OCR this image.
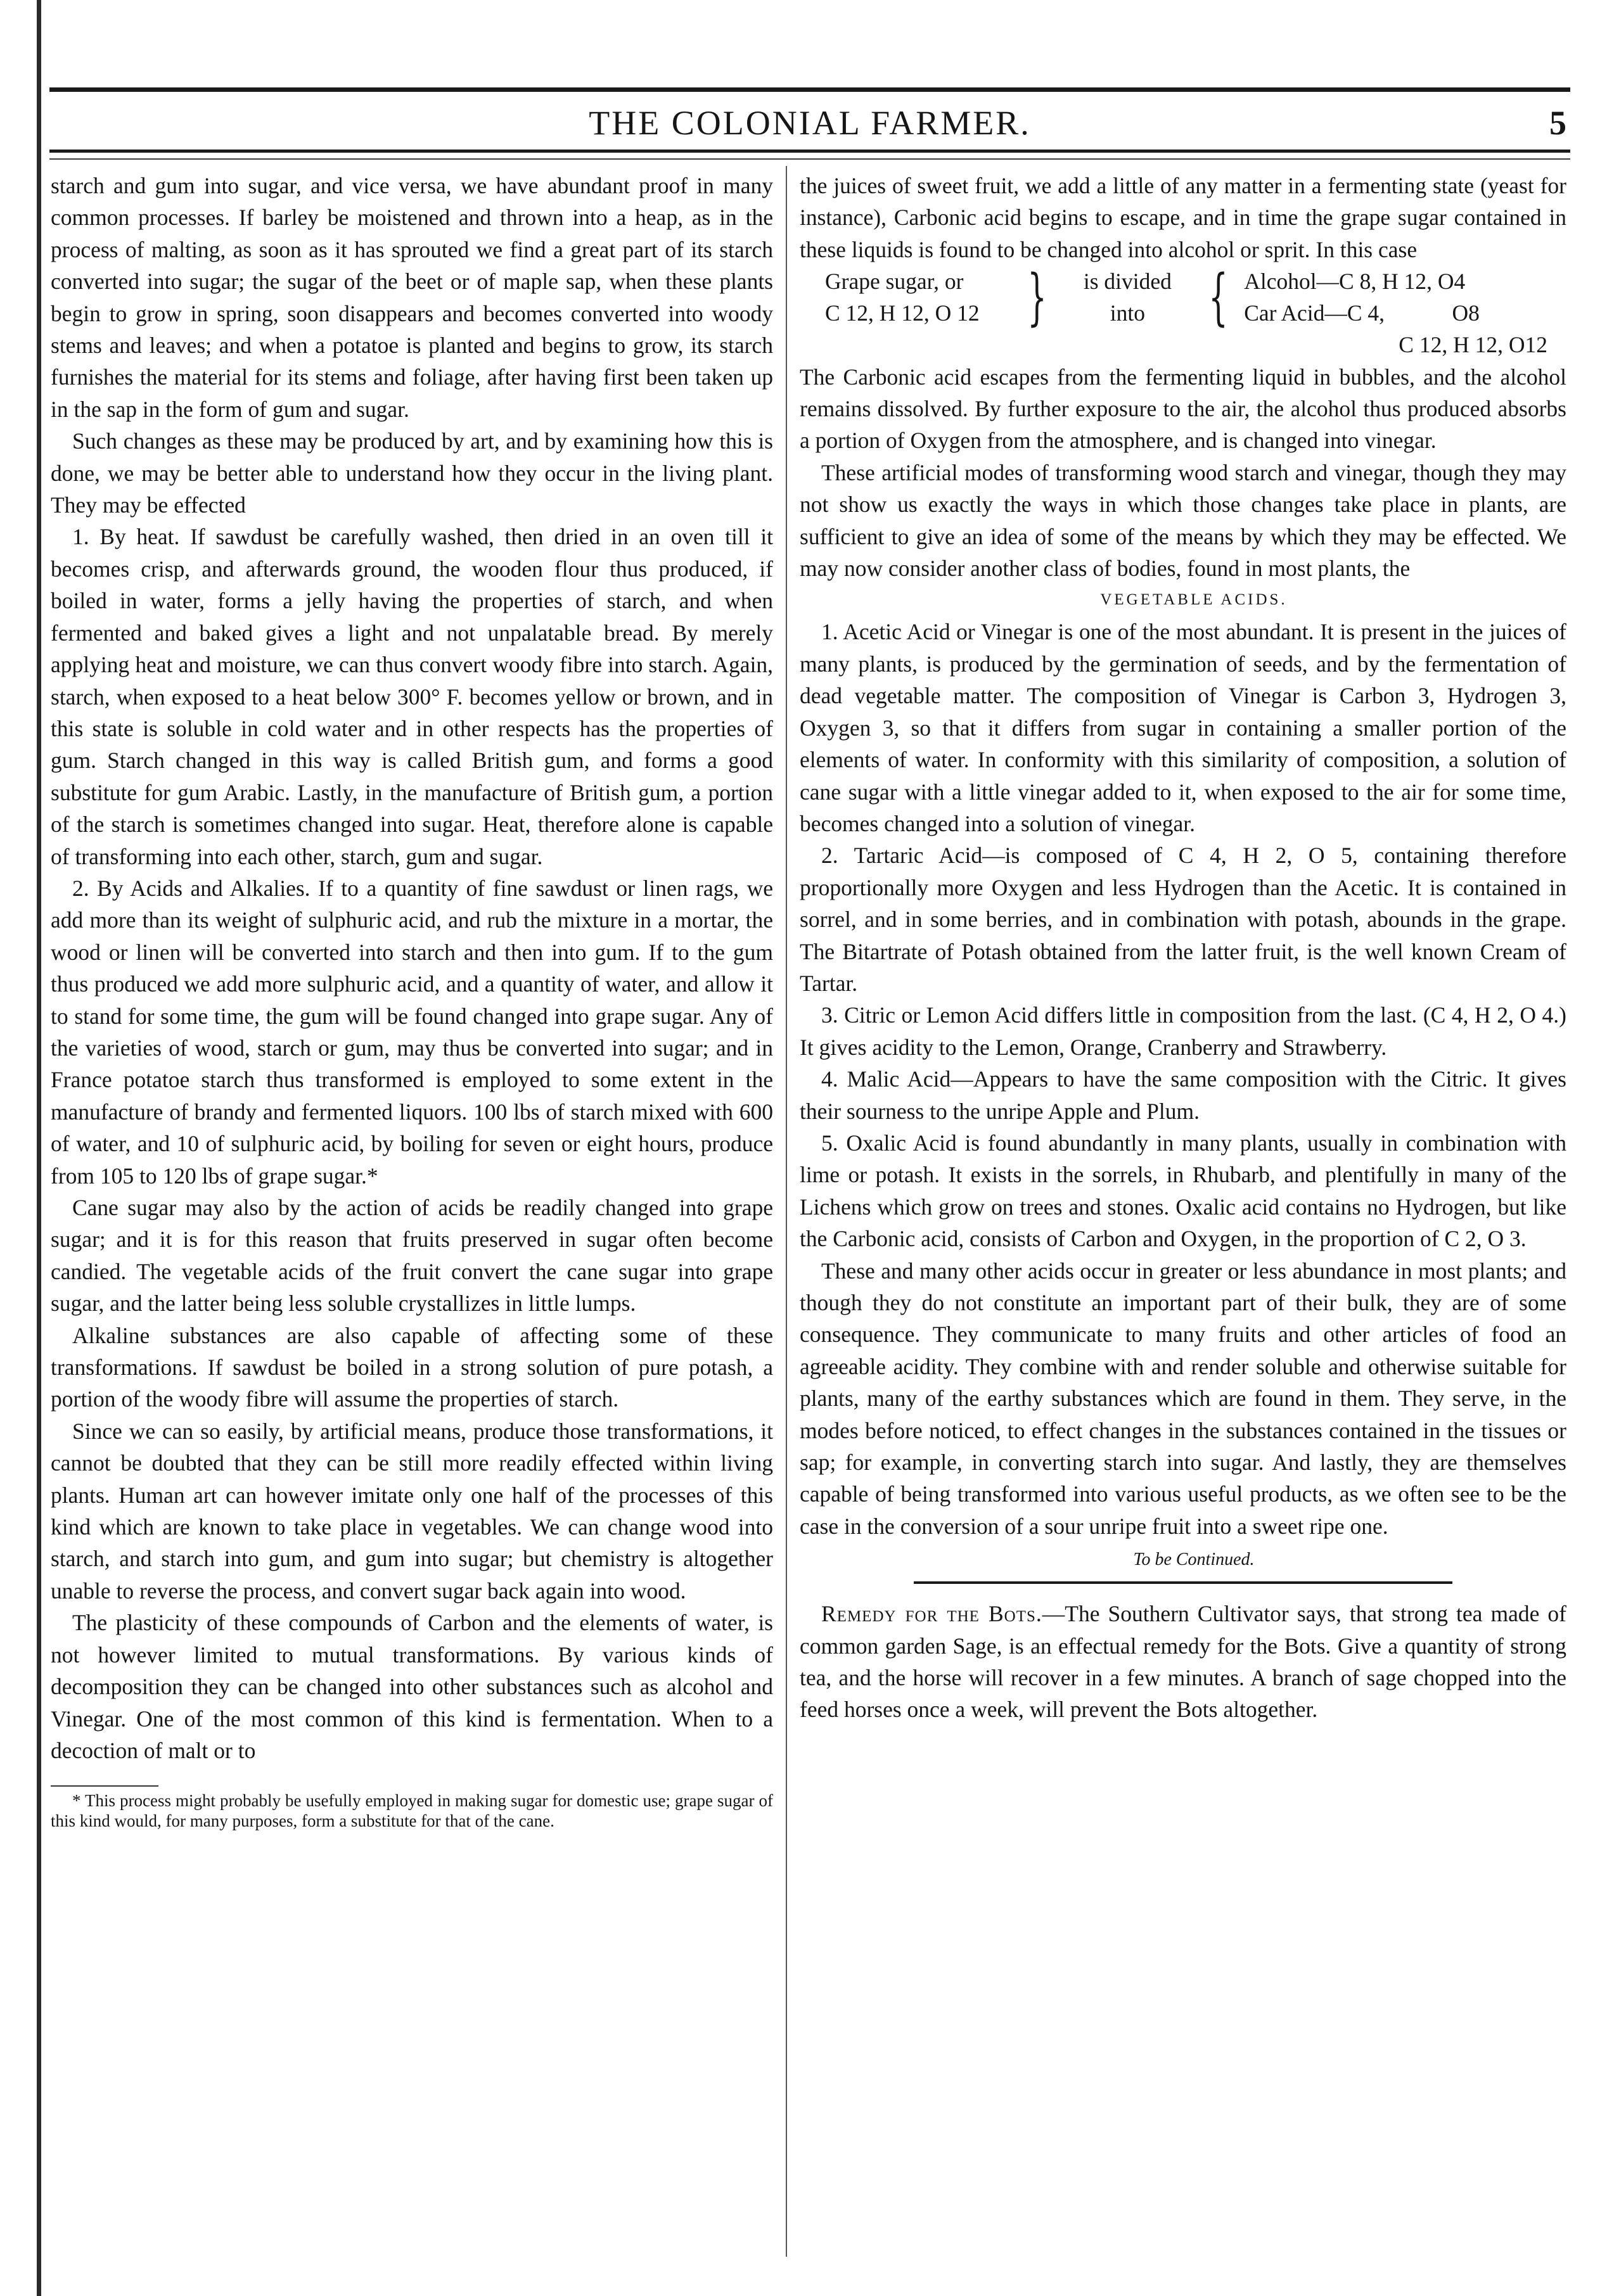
THE COLONIAL FARMER.	5

starch and gum into sugar, and vice versa, we have abundant proof in many common processes. If barley be moistened and thrown into a heap, as in the process of malting, as soon as it has sprouted we find a great part of its starch converted into sugar; the sugar of the beet or of maple sap, when these plants begin to grow in spring, soon disappears and becomes converted into woody stems and leaves; and when a potatoe is planted and begins to grow, its starch furnishes the material for its stems and foliage, after having first been taken up in the sap in the form of gum and sugar.

Such changes as these may be produced by art, and by examining how this is done, we may be better able to understand how they occur in the living plant. They may be effected

1. By heat. If sawdust be carefully washed, then dried in an oven till it becomes crisp, and afterwards ground, the wooden flour thus produced, if boiled in water, forms a jelly having the properties of starch, and when fermented and baked gives a light and not unpalatable bread. By merely applying heat and moisture, we can thus convert woody fibre into starch. Again, starch, when exposed to a heat below 300° F. becomes yellow or brown, and in this state is soluble in cold water and in other respects has the properties of gum. Starch changed in this way is called British gum, and forms a good substitute for gum Arabic. Lastly, in the manufacture of British gum, a portion of the starch is sometimes changed into sugar. Heat, therefore alone is capable of transforming into each other, starch, gum and sugar.

2. By Acids and Alkalies. If to a quantity of fine sawdust or linen rags, we add more than its weight of sulphuric acid, and rub the mixture in a mortar, the wood or linen will be converted into starch and then into gum. If to the gum thus produced we add more sulphuric acid, and a quantity of water, and allow it to stand for some time, the gum will be found changed into grape sugar. Any of the varieties of wood, starch or gum, may thus be converted into sugar; and in France potatoe starch thus transformed is employed to some extent in the manufacture of brandy and fermented liquors. 100 lbs of starch mixed with 600 of water, and 10 of sulphuric acid, by boiling for seven or eight hours, produce from 105 to 120 lbs of grape sugar.*

Cane sugar may also by the action of acids be readily changed into grape sugar; and it is for this reason that fruits preserved in sugar often become candied. The vegetable acids of the fruit convert the cane sugar into grape sugar, and the latter being less soluble crystallizes in little lumps.

Alkaline substances are also capable of affecting some of these transformations. If sawdust be boiled in a strong solution of pure potash, a portion of the woody fibre will assume the properties of starch.

Since we can so easily, by artificial means, produce those transformations, it cannot be doubted that they can be still more readily effected within living plants. Human art can however imitate only one half of the processes of this kind which are known to take place in vegetables. We can change wood into starch, and starch into gum, and gum into sugar; but chemistry is altogether unable to reverse the process, and convert sugar back again into wood.

The plasticity of these compounds of Carbon and the elements of water, is not however limited to mutual transformations. By various kinds of decomposition they can be changed into other substances such as alcohol and Vinegar. One of the most common of this kind is fermentation. When to a decoction of malt or to

* This process might probably be usefully employed in making sugar for domestic use; grape sugar of this kind would, for many purposes, form a substitute for that of the cane.

the juices of sweet fruit, we add a little of any matter in a fermenting state (yeast for instance), Carbonic acid begins to escape, and in time the grape sugar contained in these liquids is found to be changed into alcohol or sprit. In this case

Grape sugar, or
C 12, H 12, O 12 }	is divided
into	{ Alcohol—C 8, H 12, O4
Car Acid—C 4,            O8

C 12, H 12, O12

The Carbonic acid escapes from the fermenting liquid in bubbles, and the alcohol remains dissolved. By further exposure to the air, the alcohol thus produced absorbs a portion of Oxygen from the atmosphere, and is changed into vinegar.

These artificial modes of transforming wood starch and vinegar, though they may not show us exactly the ways in which those changes take place in plants, are sufficient to give an idea of some of the means by which they may be effected. We may now consider another class of bodies, found in most plants, the

VEGETABLE ACIDS.

1. Acetic Acid or Vinegar is one of the most abundant. It is present in the juices of many plants, is produced by the germination of seeds, and by the fermentation of dead vegetable matter. The composition of Vinegar is Carbon 3, Hydrogen 3, Oxygen 3, so that it differs from sugar in containing a smaller portion of the elements of water. In conformity with this similarity of composition, a solution of cane sugar with a little vinegar added to it, when exposed to the air for some time, becomes changed into a solution of vinegar.

2. Tartaric Acid—is composed of C 4, H 2, O 5, containing therefore proportionally more Oxygen and less Hydrogen than the Acetic. It is contained in sorrel, and in some berries, and in combination with potash, abounds in the grape. The Bitartrate of Potash obtained from the latter fruit, is the well known Cream of Tartar.

3. Citric or Lemon Acid differs little in composition from the last. (C 4, H 2, O 4.) It gives acidity to the Lemon, Orange, Cranberry and Strawberry.

4. Malic Acid—Appears to have the same composition with the Citric. It gives their sourness to the unripe Apple and Plum.

5. Oxalic Acid is found abundantly in many plants, usually in combination with lime or potash. It exists in the sorrels, in Rhubarb, and plentifully in many of the Lichens which grow on trees and stones. Oxalic acid contains no Hydrogen, but like the Carbonic acid, consists of Carbon and Oxygen, in the proportion of C 2, O 3.

These and many other acids occur in greater or less abundance in most plants; and though they do not constitute an important part of their bulk, they are of some consequence. They communicate to many fruits and other articles of food an agreeable acidity. They combine with and render soluble and otherwise suitable for plants, many of the earthy substances which are found in them. They serve, in the modes before noticed, to effect changes in the substances contained in the tissues or sap; for example, in converting starch into sugar. And lastly, they are themselves capable of being transformed into various useful products, as we often see to be the case in the conversion of a sour unripe fruit into a sweet ripe one.

To be Continued.

Remedy for the Bots.—The Southern Cultivator says, that strong tea made of common garden Sage, is an effectual remedy for the Bots. Give a quantity of strong tea, and the horse will recover in a few minutes. A branch of sage chopped into the feed horses once a week, will prevent the Bots altogether.
